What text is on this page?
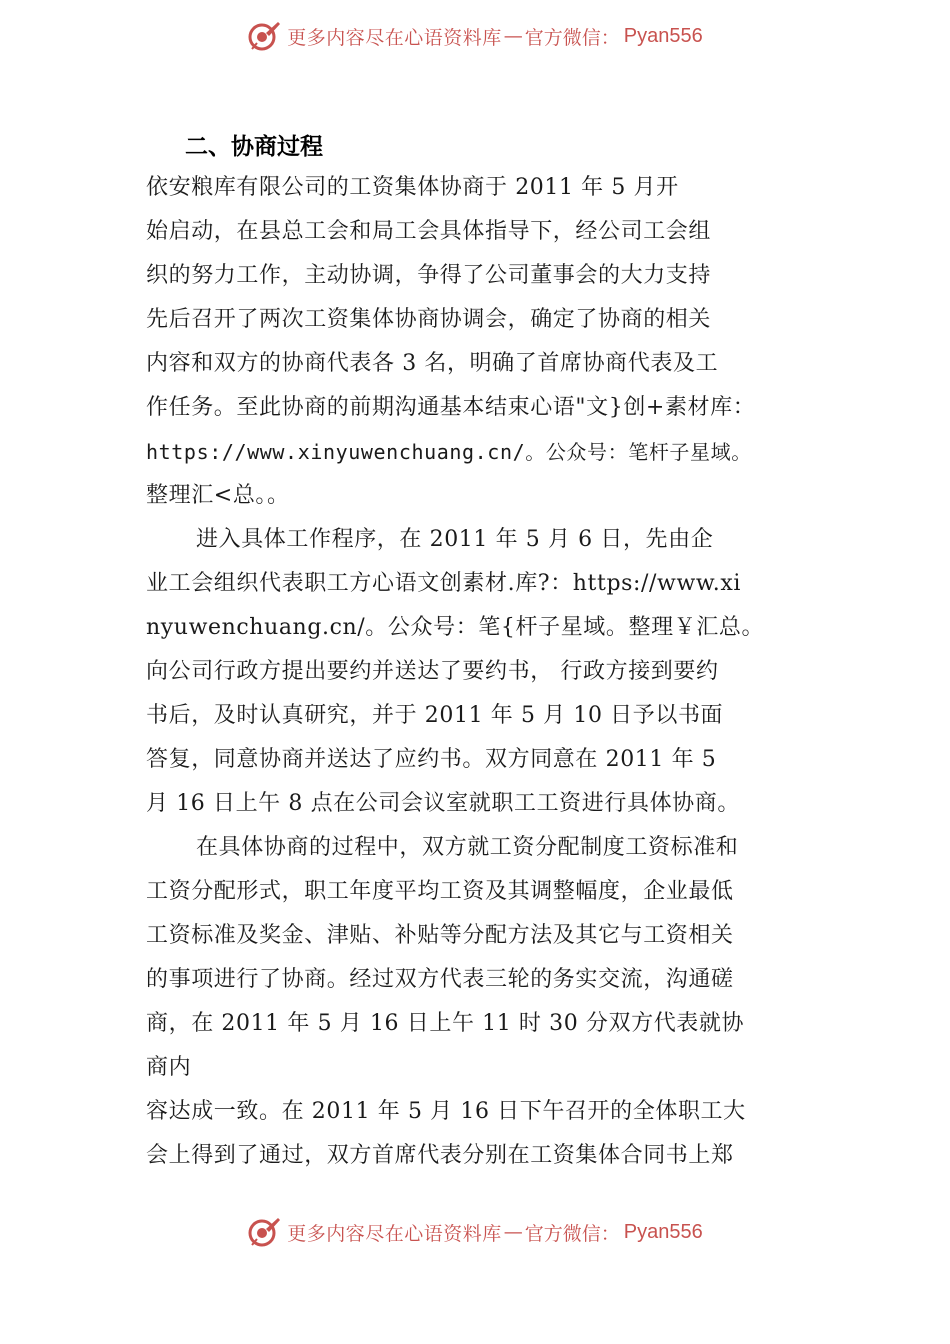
更多内容尽在心语资料库 — 官方微信： Pyan556
二、协商过程
依安粮库有限公司的工资集体协商于 2011 年 5 月开
始启动，在县总工会和局工会具体指导下，经公司工会组
织的努力工作，主动协调，争得了公司董事会的大力支持
先后召开了两次工资集体协商协调会，确定了协商的相关
内容和双方的协商代表各 3 名，明确了首席协商代表及工
作任务。至此协商的前期沟通基本结束心语"文}创+素材库：
https://www.xinyuwenchuang.cn/。公众号：笔杆子星域。
整理汇<总。。
进入具体工作程序，在 2011 年 5 月 6 日，先由企
业工会组织代表职工方心语文创素材.库?：https://www.xi
nyuwenchuang.cn/。公众号：笔{杆子星域。整理￥汇总。
向公司行政方提出要约并送达了要约书， 行政方接到要约
书后，及时认真研究，并于 2011 年 5 月 10 日予以书面
答复，同意协商并送达了应约书。双方同意在 2011 年 5
月 16 日上午 8 点在公司会议室就职工工资进行具体协商。
在具体协商的过程中，双方就工资分配制度工资标准和
工资分配形式，职工年度平均工资及其调整幅度，企业最低
工资标准及奖金、津贴、补贴等分配方法及其它与工资相关
的事项进行了协商。经过双方代表三轮的务实交流，沟通磋
商，在 2011 年 5 月 16 日上午 11 时 30 分双方代表就协
商内
容达成一致。在 2011 年 5 月 16 日下午召开的全体职工大
会上得到了通过，双方首席代表分别在工资集体合同书上郑
更多内容尽在心语资料库 — 官方微信： Pyan556
